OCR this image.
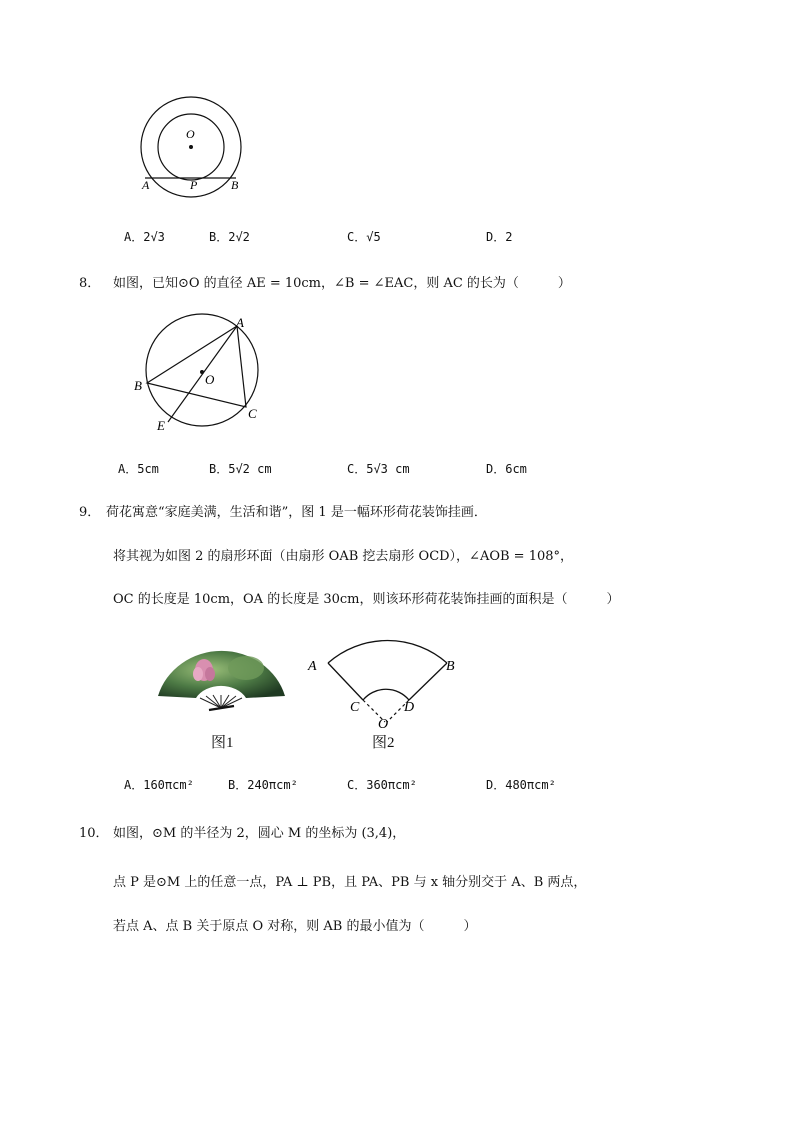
O
A	P	B
A．2√3	B．2√2	C．√5	D．2
8． 如图，已知⊙O 的直径 AE = 10cm，∠B = ∠EAC，则 AC 的长为（　　　）
A
B	O
C
E
A．5cm	B．5√2 cm	C．5√3 cm	D．6cm
9． 荷花寓意“家庭美满，生活和谐”，图 1 是一幅环形荷花装饰挂画．
将其视为如图 2 的扇形环面（由扇形 OAB 挖去扇形 OCD），∠AOB = 108°，
OC 的长度是 10cm，OA 的长度是 30cm，则该环形荷花装饰挂画的面积是（　　　）
图1
A	B
C	D
O
图2
A．160πcm²	B．240πcm²	C．360πcm²	D．480πcm²
10． 如图，⊙M 的半径为 2，圆心 M 的坐标为 (3,4)，
点 P 是⊙M 上的任意一点，PA ⊥ PB，且 PA、PB 与 x 轴分别交于 A、B 两点，
若点 A、点 B 关于原点 O 对称，则 AB 的最小值为（　　　）
